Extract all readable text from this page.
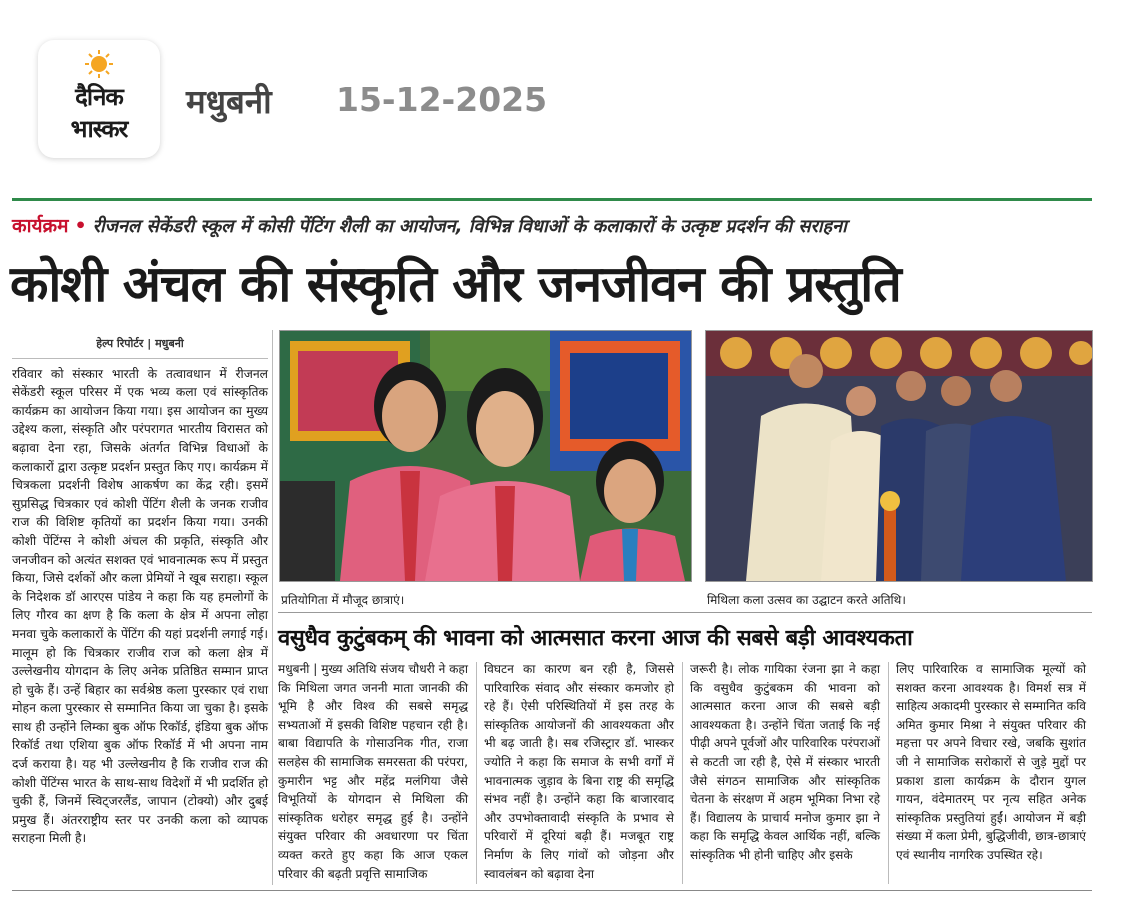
दैनिक
भास्कर
मधुबनी 15-12-2025
कार्यक्रम • रीजनल सेकेंडरी स्कूल में कोसी पेंटिंग शैली का आयोजन, विभिन्न विधाओं के कलाकारों के उत्कृष्ट प्रदर्शन की सराहना
कोशी अंचल की संस्कृति और जनजीवन की प्रस्तुति
हेल्प रिपोर्टर | मधुबनी
रविवार को संस्कार भारती के तत्वावधान में रीजनल सेकेंडरी स्कूल परिसर में एक भव्य कला एवं सांस्कृतिक कार्यक्रम का आयोजन किया गया। इस आयोजन का मुख्य उद्देश्य कला, संस्कृति और परंपरागत भारतीय विरासत को बढ़ावा देना रहा, जिसके अंतर्गत विभिन्न विधाओं के कलाकारों द्वारा उत्कृष्ट प्रदर्शन प्रस्तुत किए गए। कार्यक्रम में चित्रकला प्रदर्शनी विशेष आकर्षण का केंद्र रही। इसमें सुप्रसिद्ध चित्रकार एवं कोशी पेंटिंग शैली के जनक राजीव राज की विशिष्ट कृतियों का प्रदर्शन किया गया। उनकी कोशी पेंटिंग्स ने कोशी अंचल की प्रकृति, संस्कृति और जनजीवन को अत्यंत सशक्त एवं भावनात्मक रूप में प्रस्तुत किया, जिसे दर्शकों और कला प्रेमियों ने खूब सराहा। स्कूल के निदेशक डॉ आरएस पांडेय ने कहा कि यह हमलोगों के लिए गौरव का क्षण है कि कला के क्षेत्र में अपना लोहा मनवा चुके कलाकारों के पेंटिंग की यहां प्रदर्शनी लगाई गई। मालूम हो कि चित्रकार राजीव राज को कला क्षेत्र में उल्लेखनीय योगदान के लिए अनेक प्रतिष्ठित सम्मान प्राप्त हो चुके हैं। उन्हें बिहार का सर्वश्रेष्ठ कला पुरस्कार एवं राधा मोहन कला पुरस्कार से सम्मानित किया जा चुका है। इसके साथ ही उन्होंने लिम्का बुक ऑफ रिकॉर्ड, इंडिया बुक ऑफ रिकॉर्ड तथा एशिया बुक ऑफ रिकॉर्ड में भी अपना नाम दर्ज कराया है। यह भी उल्लेखनीय है कि राजीव राज की कोशी पेंटिंग्स भारत के साथ-साथ विदेशों में भी प्रदर्शित हो चुकी हैं, जिनमें स्विट्जरलैंड, जापान (टोक्यो) और दुबई प्रमुख हैं। अंतरराष्ट्रीय स्तर पर उनकी कला को व्यापक सराहना मिली है।
प्रतियोगिता में मौजूद छात्राएं।	मिथिला कला उत्सव का उद्घाटन करते अतिथि।
वसुधैव कुटुंबकम् की भावना को आत्मसात करना आज की सबसे बड़ी आवश्यकता
मधुबनी | मुख्य अतिथि संजय चौधरी ने कहा कि मिथिला जगत जननी माता जानकी की भूमि है और विश्व की सबसे समृद्ध सभ्यताओं में इसकी विशिष्ट पहचान रही है। बाबा विद्यापति के गोसाउनिक गीत, राजा सलहेस की सामाजिक समरसता की परंपरा, कुमारीन भट्ट और महेंद्र मलंगिया जैसे विभूतियों के योगदान से मिथिला की सांस्कृतिक धरोहर समृद्ध हुई है। उन्होंने संयुक्त परिवार की अवधारणा पर चिंता व्यक्त करते हुए कहा कि आज एकल परिवार की बढ़ती प्रवृत्ति सामाजिक
विघटन का कारण बन रही है, जिससे पारिवारिक संवाद और संस्कार कमजोर हो रहे हैं। ऐसी परिस्थितियों में इस तरह के सांस्कृतिक आयोजनों की आवश्यकता और भी बढ़ जाती है। सब रजिस्ट्रार डॉ. भास्कर ज्योति ने कहा कि समाज के सभी वर्गों में भावनात्मक जुड़ाव के बिना राष्ट्र की समृद्धि संभव नहीं है। उन्होंने कहा कि बाजारवाद और उपभोक्तावादी संस्कृति के प्रभाव से परिवारों में दूरियां बढ़ी हैं। मजबूत राष्ट्र निर्माण के लिए गांवों को जोड़ना और स्वावलंबन को बढ़ावा देना
जरूरी है। लोक गायिका रंजना झा ने कहा कि वसुधैव कुटुंबकम की भावना को आत्मसात करना आज की सबसे बड़ी आवश्यकता है। उन्होंने चिंता जताई कि नई पीढ़ी अपने पूर्वजों और पारिवारिक परंपराओं से कटती जा रही है, ऐसे में संस्कार भारती जैसे संगठन सामाजिक और सांस्कृतिक चेतना के संरक्षण में अहम भूमिका निभा रहे हैं। विद्यालय के प्राचार्य मनोज कुमार झा ने कहा कि समृद्धि केवल आर्थिक नहीं, बल्कि सांस्कृतिक भी होनी चाहिए और इसके
लिए पारिवारिक व सामाजिक मूल्यों को सशक्त करना आवश्यक है। विमर्श सत्र में साहित्य अकादमी पुरस्कार से सम्मानित कवि अमित कुमार मिश्रा ने संयुक्त परिवार की महत्ता पर अपने विचार रखे, जबकि सुशांत जी ने सामाजिक सरोकारों से जुड़े मुद्दों पर प्रकाश डाला कार्यक्रम के दौरान युगल गायन, वंदेमातरम् पर नृत्य सहित अनेक सांस्कृतिक प्रस्तुतियां हुईं। आयोजन में बड़ी संख्या में कला प्रेमी, बुद्धिजीवी, छात्र-छात्राएं एवं स्थानीय नागरिक उपस्थित रहे।
